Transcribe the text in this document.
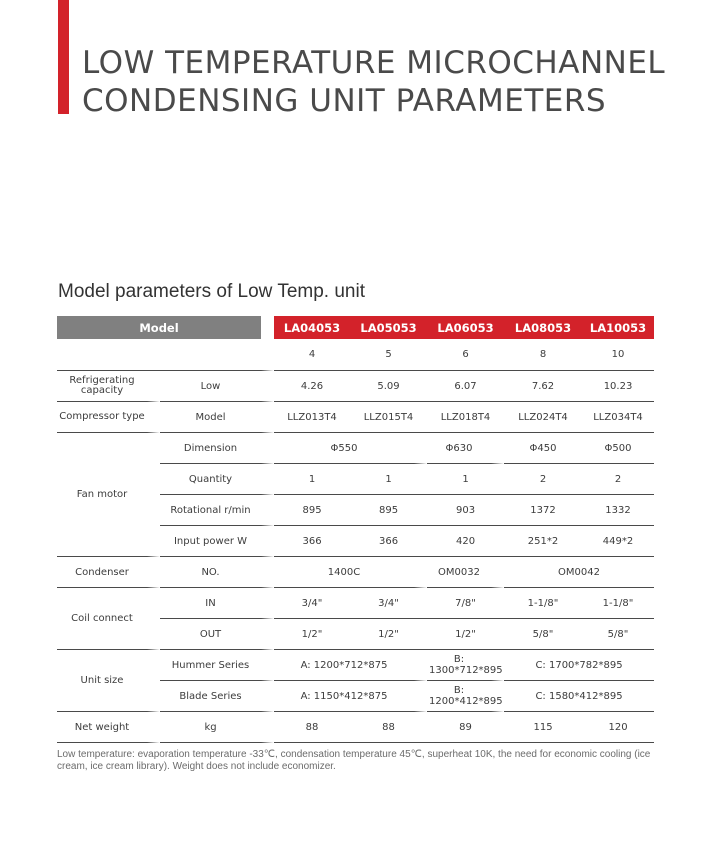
LOW TEMPERATURE MICROCHANNEL
CONDENSING UNIT PARAMETERS
Model parameters of Low Temp. unit
Model		LA04053	LA05053	LA06053	LA08053	LA10053
		4	5	6	8	10
Refrigerating capacity	Low	4.26	5.09	6.07	7.62	10.23
Compressor type	Model	LLZ013T4	LLZ015T4	LLZ018T4	LLZ024T4	LLZ034T4
Fan motor	Dimension	Φ550		Φ630	Φ450	Φ500
	Quantity	1	1	1	2	2
	Rotational r/min	895	895	903	1372	1332
	Input power W	366	366	420	251*2	449*2
Condenser	NO.	1400C		OM0032	OM0042	
Coil connect	IN	3/4"	3/4"	7/8"	1-1/8"	1-1/8"
	OUT	1/2"	1/2"	1/2"	5/8"	5/8"
Unit size	Hummer Series	A: 1200*712*875		B: 1300*712*895	C: 1700*782*895	
	Blade Series	A: 1150*412*875		B: 1200*412*895	C: 1580*412*895	
Net weight	kg	88	88	89	115	120
Low temperature: evaporation temperature -33℃, condensation temperature 45℃, superheat 10K, the need for economic cooling (ice cream, ice cream library). Weight does not include economizer.
